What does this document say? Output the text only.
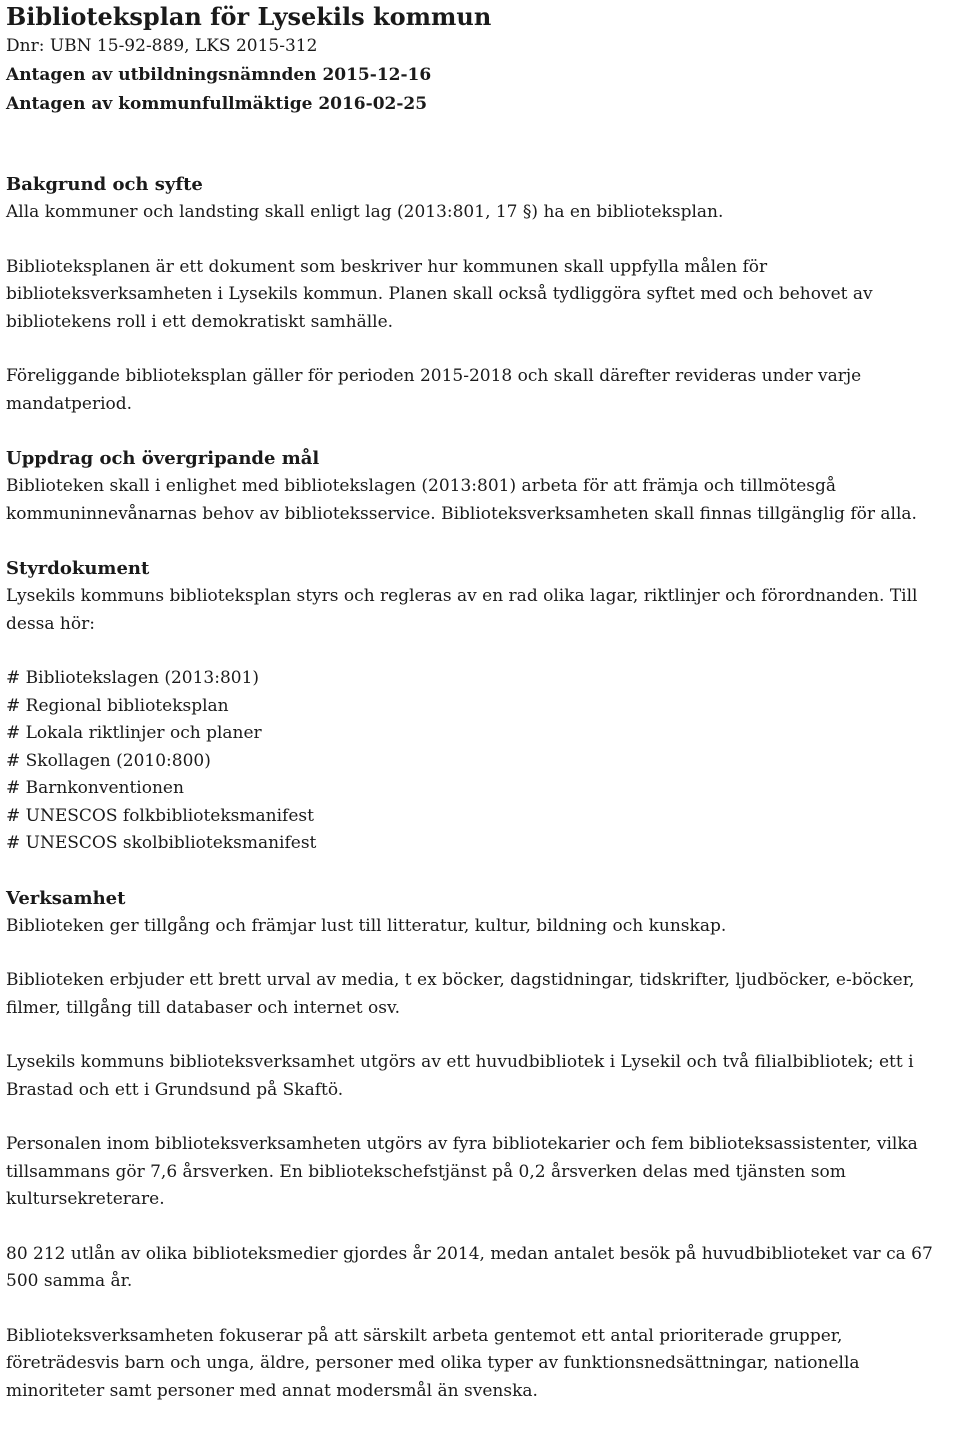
Biblioteksplan för Lysekils kommun
Dnr: UBN 15-92-889, LKS 2015-312
Antagen av utbildningsnämnden 2015-12-16
Antagen av kommunfullmäktige 2016-02-25
Bakgrund och syfte

Alla kommuner och landsting skall enligt lag (2013:801, 17 §) ha en biblioteksplan.

Biblioteksplanen är ett dokument som beskriver hur kommunen skall uppfylla målen för biblioteksverksamheten i Lysekils kommun. Planen skall också tydliggöra syftet med och behovet av bibliotekens roll i ett demokratiskt samhälle.

Föreliggande biblioteksplan gäller för perioden 2015-2018 och skall därefter revideras under varje mandatperiod.

Uppdrag och övergripande mål

Biblioteken skall i enlighet med bibliotekslagen (2013:801) arbeta för att främja och tillmötesgå kommuninnevånarnas behov av biblioteksservice. Biblioteksverksamheten skall finnas tillgänglig för alla.

Styrdokument

Lysekils kommuns biblioteksplan styrs och regleras av en rad olika lagar, riktlinjer och förordnanden. Till dessa hör:

# Bibliotekslagen (2013:801)
# Regional biblioteksplan
# Lokala riktlinjer och planer
# Skollagen (2010:800)
# Barnkonventionen
# UNESCOS folkbiblioteksmanifest
# UNESCOS skolbiblioteksmanifest
Verksamhet

Biblioteken ger tillgång och främjar lust till litteratur, kultur, bildning och kunskap.

Biblioteken erbjuder ett brett urval av media, t ex böcker, dagstidningar, tidskrifter, ljudböcker, e-böcker, filmer, tillgång till databaser och internet osv.

Lysekils kommuns biblioteksverksamhet utgörs av ett huvudbibliotek i Lysekil och två filialbibliotek; ett i Brastad och ett i Grundsund på Skaftö.

Personalen inom biblioteksverksamheten utgörs av fyra bibliotekarier och fem biblioteksassistenter, vilka tillsammans gör 7,6 årsverken. En bibliotekschefstjänst på 0,2 årsverken delas med tjänsten som kultursekreterare.

80 212 utlån av olika biblioteksmedier gjordes år 2014, medan antalet besök på huvudbiblioteket var ca 67 500 samma år.

Biblioteksverksamheten fokuserar på att särskilt arbeta gentemot ett antal prioriterade grupper, företrädesvis barn och unga, äldre, personer med olika typer av funktionsnedsättningar, nationella minoriteter samt personer med annat modersmål än svenska.
